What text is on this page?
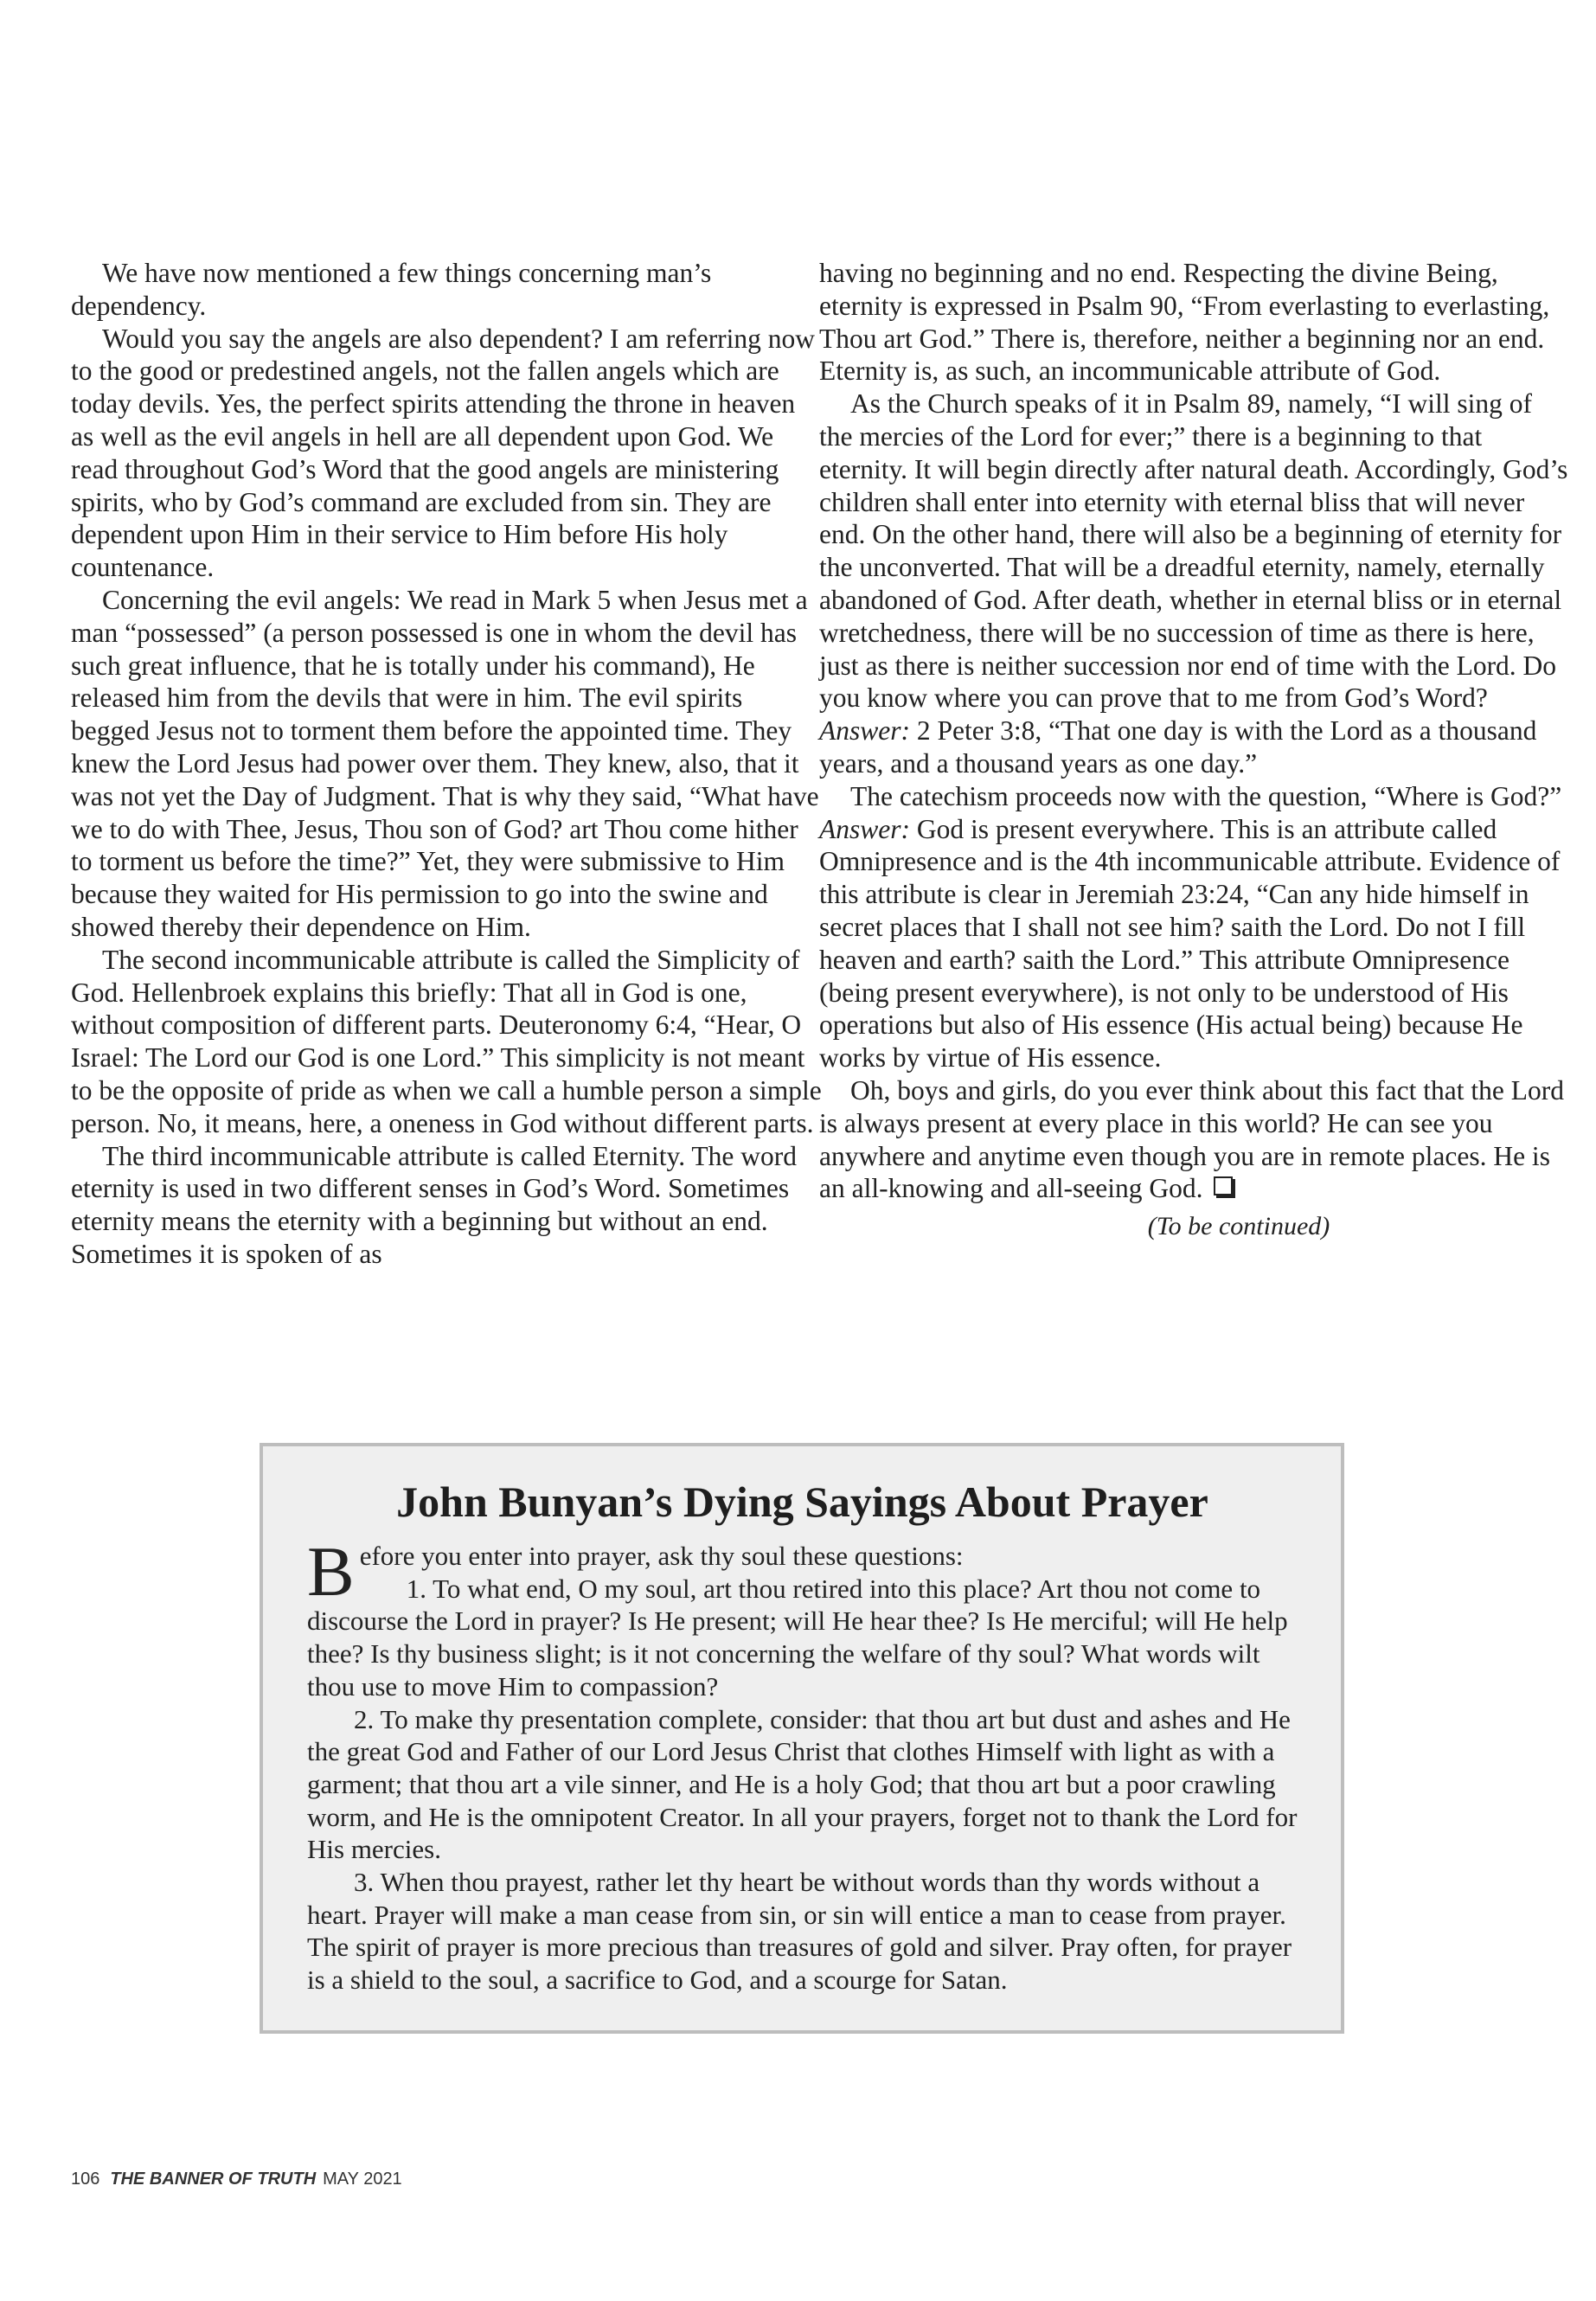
We have now mentioned a few things concerning man’s dependency.

Would you say the angels are also dependent? I am referring now to the good or predestined angels, not the fallen angels which are today devils. Yes, the perfect spirits attending the throne in heaven as well as the evil angels in hell are all dependent upon God. We read throughout God’s Word that the good angels are ministering spirits, who by God’s command are excluded from sin. They are dependent upon Him in their service to Him before His holy countenance.

Concerning the evil angels: We read in Mark 5 when Jesus met a man “possessed” (a person possessed is one in whom the devil has such great influence, that he is totally under his command), He released him from the devils that were in him. The evil spirits begged Jesus not to torment them before the appointed time. They knew the Lord Jesus had power over them. They knew, also, that it was not yet the Day of Judgment. That is why they said, “What have we to do with Thee, Jesus, Thou son of God? art Thou come hither to torment us before the time?” Yet, they were submissive to Him because they waited for His permission to go into the swine and showed thereby their dependence on Him.

The second incommunicable attribute is called the Simplicity of God. Hellenbroek explains this briefly: That all in God is one, without composition of different parts. Deuteronomy 6:4, “Hear, O Israel: The Lord our God is one Lord.” This simplicity is not meant to be the opposite of pride as when we call a humble person a simple person. No, it means, here, a oneness in God without different parts.

The third incommunicable attribute is called Eternity. The word eternity is used in two different senses in God’s Word. Sometimes eternity means the eternity with a beginning but without an end. Sometimes it is spoken of as

having no beginning and no end. Respecting the divine Being, eternity is expressed in Psalm 90, “From everlasting to everlasting, Thou art God.” There is, therefore, neither a beginning nor an end. Eternity is, as such, an incommunicable attribute of God.

As the Church speaks of it in Psalm 89, namely, “I will sing of the mercies of the Lord for ever;” there is a beginning to that eternity. It will begin directly after natural death. Accordingly, God’s children shall enter into eternity with eternal bliss that will never end. On the other hand, there will also be a beginning of eternity for the unconverted. That will be a dreadful eternity, namely, eternally abandoned of God. After death, whether in eternal bliss or in eternal wretchedness, there will be no succession of time as there is here, just as there is neither succession nor end of time with the Lord. Do you know where you can prove that to me from God’s Word? Answer: 2 Peter 3:8, “That one day is with the Lord as a thousand years, and a thousand years as one day.”

The catechism proceeds now with the question, “Where is God?” Answer: God is present everywhere. This is an attribute called Omnipresence and is the 4th incommunicable attribute. Evidence of this attribute is clear in Jeremiah 23:24, “Can any hide himself in secret places that I shall not see him? saith the Lord. Do not I fill heaven and earth? saith the Lord.” This attribute Omnipresence (being present everywhere), is not only to be understood of His operations but also of His essence (His actual being) because He works by virtue of His essence.

Oh, boys and girls, do you ever think about this fact that the Lord is always present at every place in this world? He can see you anywhere and anytime even though you are in remote places. He is an all-knowing and all-seeing God.

(To be continued)

John Bunyan’s Dying Sayings About Prayer

Before you enter into prayer, ask thy soul these questions:

1. To what end, O my soul, art thou retired into this place? Art thou not come to discourse the Lord in prayer? Is He present; will He hear thee? Is He merciful; will He help thee? Is thy business slight; is it not concerning the welfare of thy soul? What words wilt thou use to move Him to compassion?

2. To make thy presentation complete, consider: that thou art but dust and ashes and He the great God and Father of our Lord Jesus Christ that clothes Himself with light as with a garment; that thou art a vile sinner, and He is a holy God; that thou art but a poor crawling worm, and He is the omnipotent Creator. In all your prayers, forget not to thank the Lord for His mercies.

3. When thou prayest, rather let thy heart be without words than thy words without a heart. Prayer will make a man cease from sin, or sin will entice a man to cease from prayer. The spirit of prayer is more precious than treasures of gold and silver. Pray often, for prayer is a shield to the soul, a sacrifice to God, and a scourge for Satan.

106 THE BANNER OF TRUTH MAY 2021
